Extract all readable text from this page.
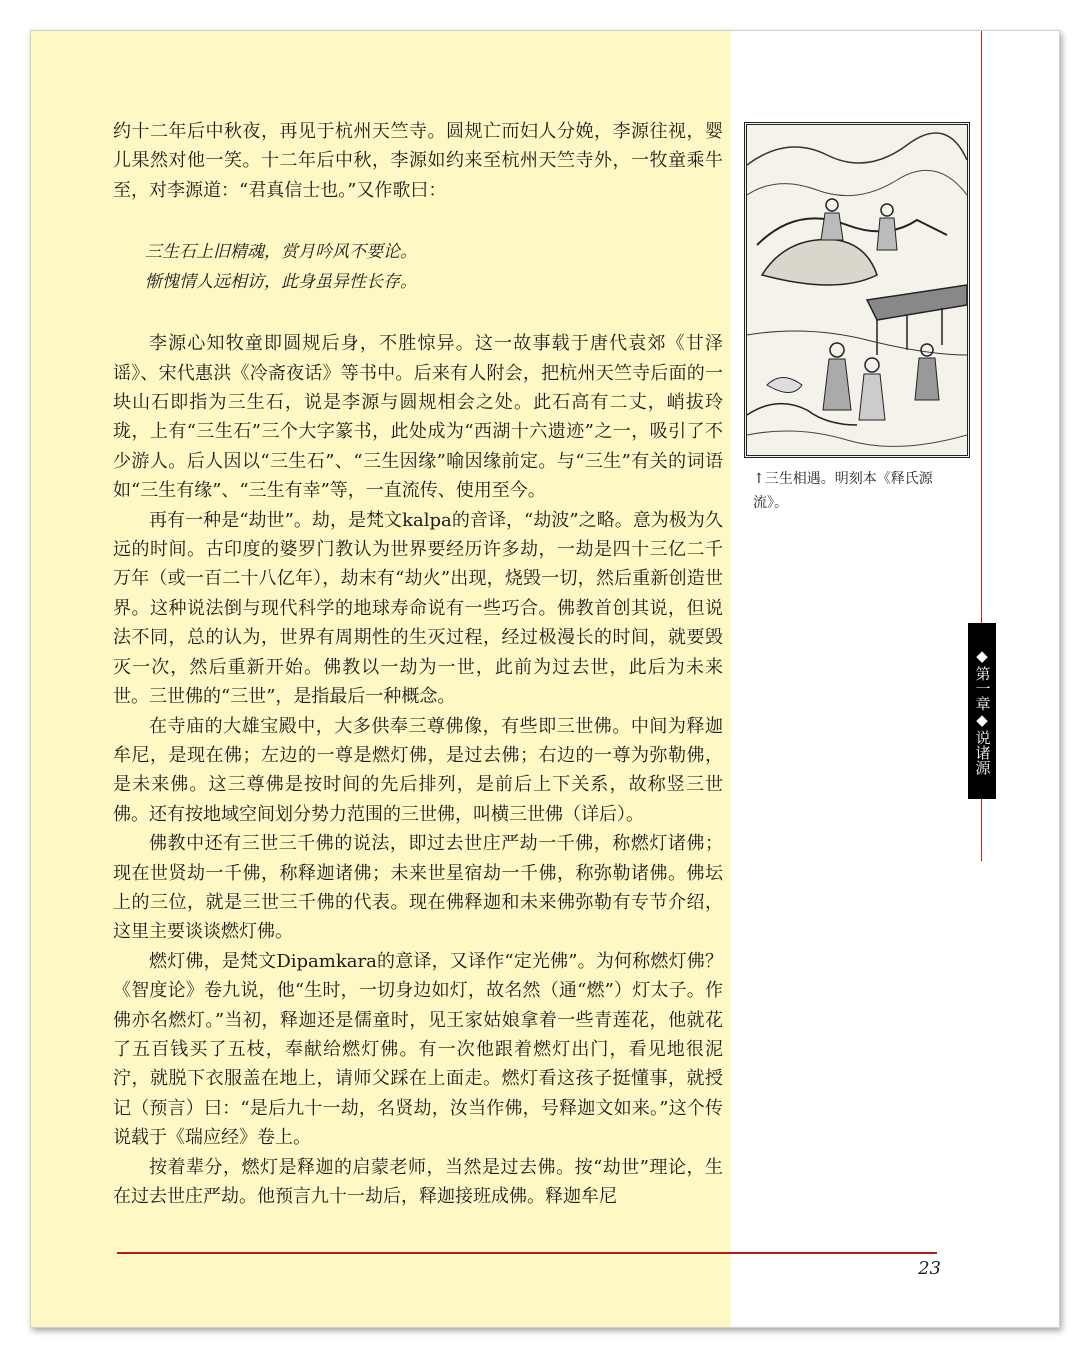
约十二年后中秋夜，再见于杭州天竺寺。圆规亡而妇人分娩，李源往视，婴儿果然对他一笑。十二年后中秋，李源如约来至杭州天竺寺外，一牧童乘牛至，对李源道：“君真信士也。”又作歌曰：

三生石上旧精魂，赏月吟风不要论。
惭愧情人远相访，此身虽异性长存。

李源心知牧童即圆规后身，不胜惊异。这一故事载于唐代袁郊《甘泽谣》、宋代惠洪《冷斋夜话》等书中。后来有人附会，把杭州天竺寺后面的一块山石即指为三生石，说是李源与圆规相会之处。此石高有二丈，峭拔玲珑，上有“三生石”三个大字篆书，此处成为“西湖十六遗迹”之一，吸引了不少游人。后人因以“三生石”、“三生因缘”喻因缘前定。与“三生”有关的词语如“三生有缘”、“三生有幸”等，一直流传、使用至今。

再有一种是“劫世”。劫，是梵文kalpa的音译，“劫波”之略。意为极为久远的时间。古印度的婆罗门教认为世界要经历许多劫，一劫是四十三亿二千万年（或一百二十八亿年），劫末有“劫火”出现，烧毁一切，然后重新创造世界。这种说法倒与现代科学的地球寿命说有一些巧合。佛教首创其说，但说法不同，总的认为，世界有周期性的生灭过程，经过极漫长的时间，就要毁灭一次，然后重新开始。佛教以一劫为一世，此前为过去世，此后为未来世。三世佛的“三世”，是指最后一种概念。

在寺庙的大雄宝殿中，大多供奉三尊佛像，有些即三世佛。中间为释迦牟尼，是现在佛；左边的一尊是燃灯佛，是过去佛；右边的一尊为弥勒佛，是未来佛。这三尊佛是按时间的先后排列，是前后上下关系，故称竖三世佛。还有按地域空间划分势力范围的三世佛，叫横三世佛（详后）。

佛教中还有三世三千佛的说法，即过去世庄严劫一千佛，称燃灯诸佛；现在世贤劫一千佛，称释迦诸佛；未来世星宿劫一千佛，称弥勒诸佛。佛坛上的三位，就是三世三千佛的代表。现在佛释迦和未来佛弥勒有专节介绍，这里主要谈谈燃灯佛。

燃灯佛，是梵文Dipamkara的意译，又译作“定光佛”。为何称燃灯佛？《智度论》卷九说，他“生时，一切身边如灯，故名然（通“燃”）灯太子。作佛亦名燃灯。”当初，释迦还是儒童时，见王家姑娘拿着一些青莲花，他就花了五百钱买了五枝，奉献给燃灯佛。有一次他跟着燃灯出门，看见地很泥泞，就脱下衣服盖在地上，请师父踩在上面走。燃灯看这孩子挺懂事，就授记（预言）曰：“是后九十一劫，名贤劫，汝当作佛，号释迦文如来。”这个传说载于《瑞应经》卷上。

按着辈分，燃灯是释迦的启蒙老师，当然是过去佛。按“劫世”理论，生在过去世庄严劫。他预言九十一劫后，释迦接班成佛。释迦牟尼

↑三生相遇。明刻本《释氏源流》。
◆
第一章
◆
说诸源
23
